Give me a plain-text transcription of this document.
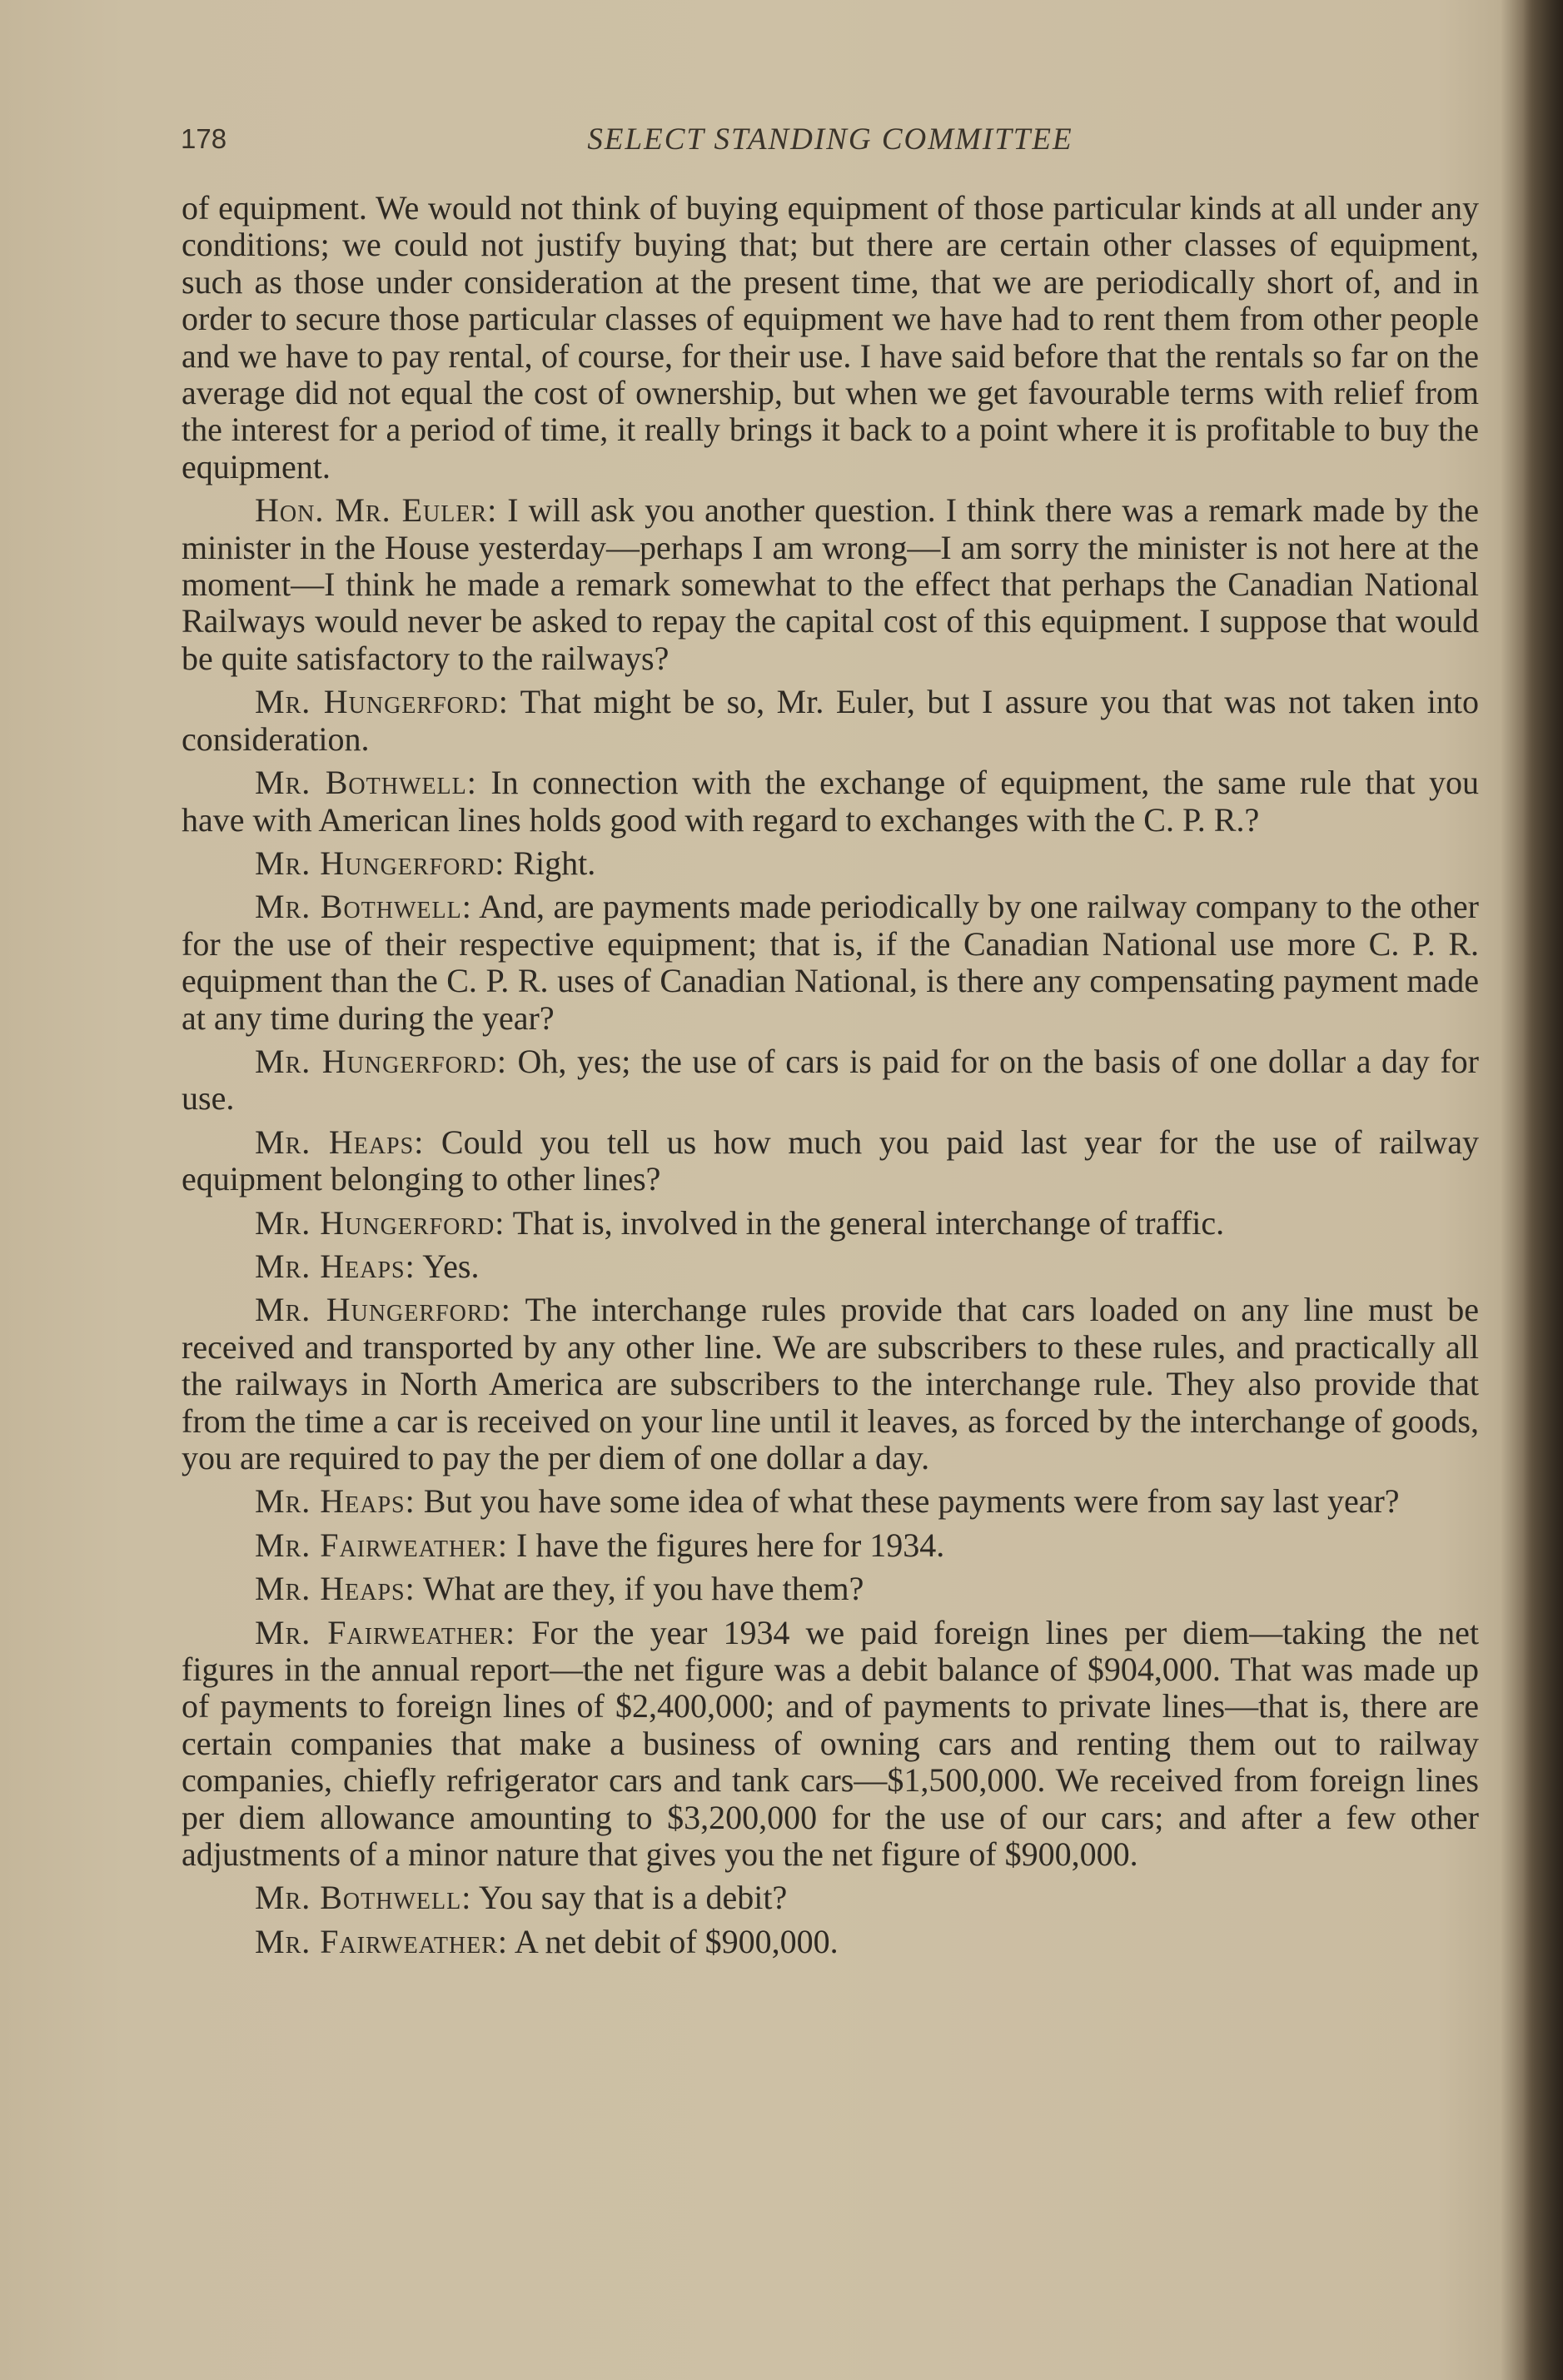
178	SELECT STANDING COMMITTEE

of equipment. We would not think of buying equipment of those particular kinds at all under any conditions; we could not justify buying that; but there are certain other classes of equipment, such as those under consideration at the present time, that we are periodically short of, and in order to secure those particular classes of equipment we have had to rent them from other people and we have to pay rental, of course, for their use. I have said before that the rentals so far on the average did not equal the cost of ownership, but when we get favourable terms with relief from the interest for a period of time, it really brings it back to a point where it is profitable to buy the equipment.

Hon. Mr. Euler: I will ask you another question. I think there was a remark made by the minister in the House yesterday—perhaps I am wrong—I am sorry the minister is not here at the moment—I think he made a remark somewhat to the effect that perhaps the Canadian National Railways would never be asked to repay the capital cost of this equipment. I suppose that would be quite satisfactory to the railways?

Mr. Hungerford: That might be so, Mr. Euler, but I assure you that was not taken into consideration.

Mr. Bothwell: In connection with the exchange of equipment, the same rule that you have with American lines holds good with regard to exchanges with the C. P. R.?

Mr. Hungerford: Right.

Mr. Bothwell: And, are payments made periodically by one railway company to the other for the use of their respective equipment; that is, if the Canadian National use more C. P. R. equipment than the C. P. R. uses of Canadian National, is there any compensating payment made at any time during the year?

Mr. Hungerford: Oh, yes; the use of cars is paid for on the basis of one dollar a day for use.

Mr. Heaps: Could you tell us how much you paid last year for the use of railway equipment belonging to other lines?

Mr. Hungerford: That is, involved in the general interchange of traffic.

Mr. Heaps: Yes.

Mr. Hungerford: The interchange rules provide that cars loaded on any line must be received and transported by any other line. We are subscribers to these rules, and practically all the railways in North America are subscribers to the interchange rule. They also provide that from the time a car is received on your line until it leaves, as forced by the interchange of goods, you are required to pay the per diem of one dollar a day.

Mr. Heaps: But you have some idea of what these payments were from say last year?

Mr. Fairweather: I have the figures here for 1934.

Mr. Heaps: What are they, if you have them?

Mr. Fairweather: For the year 1934 we paid foreign lines per diem—taking the net figures in the annual report—the net figure was a debit balance of $904,000. That was made up of payments to foreign lines of $2,400,000; and of payments to private lines—that is, there are certain companies that make a business of owning cars and renting them out to railway companies, chiefly refrigerator cars and tank cars—$1,500,000. We received from foreign lines per diem allowance amounting to $3,200,000 for the use of our cars; and after a few other adjustments of a minor nature that gives you the net figure of $900,000.

Mr. Bothwell: You say that is a debit?

Mr. Fairweather: A net debit of $900,000.
